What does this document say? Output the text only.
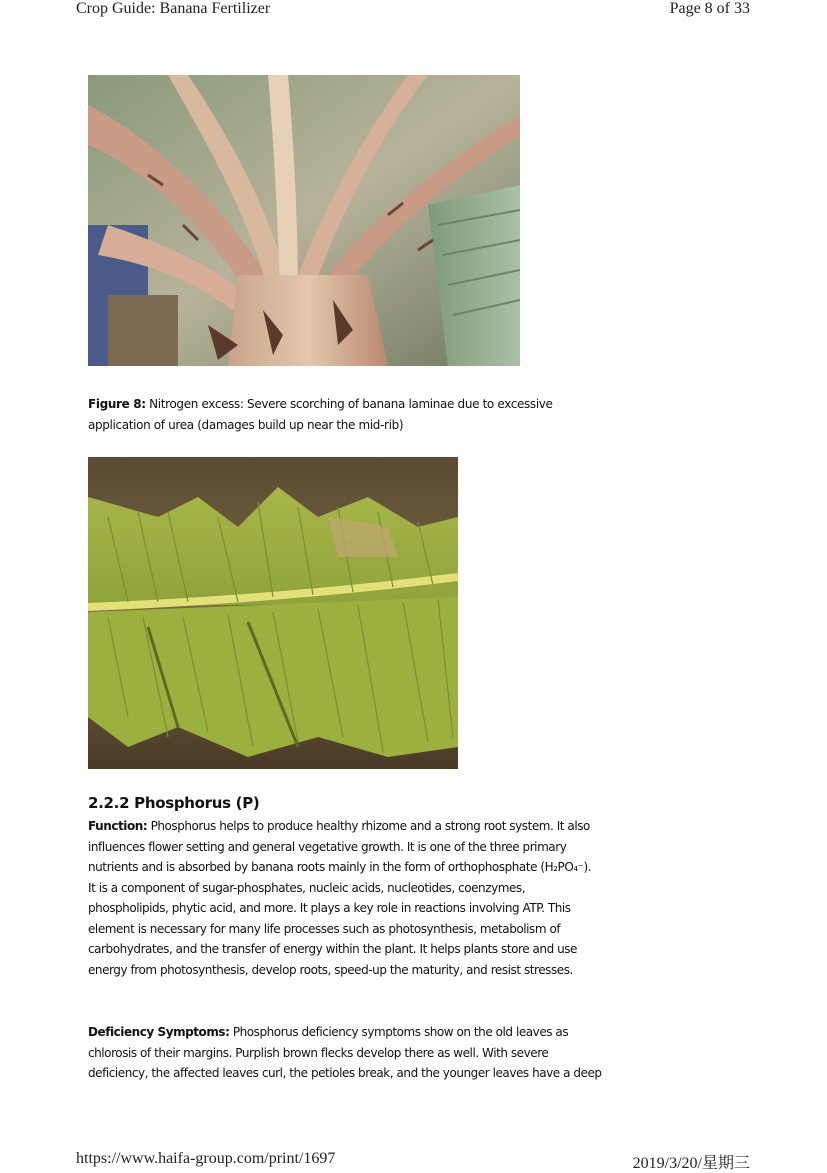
Crop Guide: Banana Fertilizer	Page 8 of 33
Figure 8: Nitrogen excess: Severe scorching of banana laminae due to excessive
application of urea (damages build up near the mid-rib)
2.2.2 Phosphorus (P)
Function: Phosphorus helps to produce healthy rhizome and a strong root system. It also
influences flower setting and general vegetative growth. It is one of the three primary
nutrients and is absorbed by banana roots mainly in the form of orthophosphate (H₂PO₄⁻).
It is a component of sugar-phosphates, nucleic acids, nucleotides, coenzymes,
phospholipids, phytic acid, and more. It plays a key role in reactions involving ATP. This
element is necessary for many life processes such as photosynthesis, metabolism of
carbohydrates, and the transfer of energy within the plant. It helps plants store and use
energy from photosynthesis, develop roots, speed-up the maturity, and resist stresses.
Deficiency Symptoms: Phosphorus deficiency symptoms show on the old leaves as
chlorosis of their margins. Purplish brown flecks develop there as well. With severe
deficiency, the affected leaves curl, the petioles break, and the younger leaves have a deep
https://www.haifa-group.com/print/1697	2019/3/20/星期三
